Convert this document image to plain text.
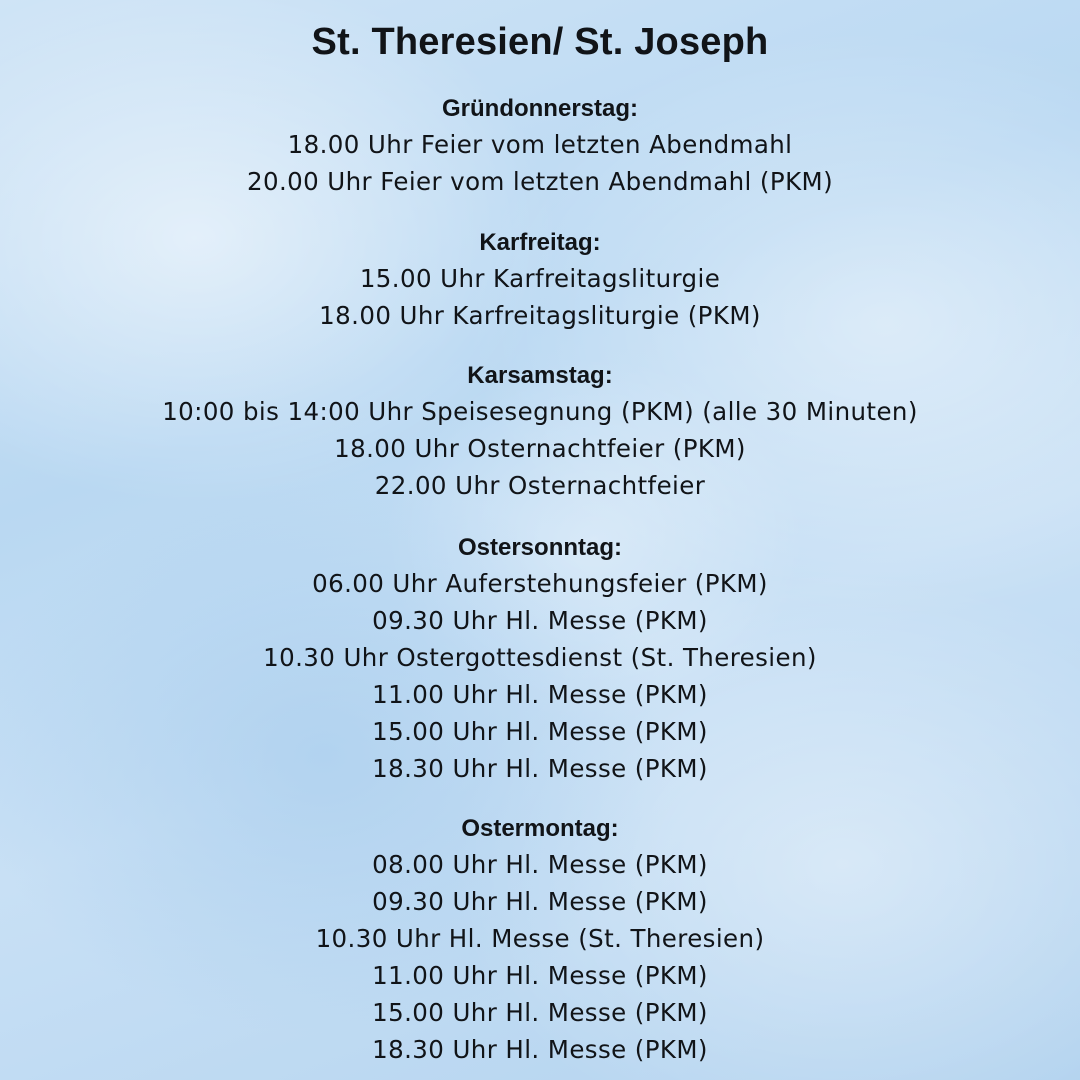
St. Theresien/ St. Joseph
Gründonnerstag:
18.00 Uhr Feier vom letzten Abendmahl
20.00 Uhr Feier vom letzten Abendmahl (PKM)
Karfreitag:
15.00 Uhr Karfreitagsliturgie
18.00 Uhr Karfreitagsliturgie (PKM)
Karsamstag:
10:00 bis 14:00 Uhr Speisesegnung (PKM) (alle 30 Minuten)
18.00 Uhr Osternachtfeier (PKM)
22.00 Uhr Osternachtfeier
Ostersonntag:
06.00 Uhr Auferstehungsfeier (PKM)
09.30 Uhr Hl. Messe (PKM)
10.30 Uhr Ostergottesdienst (St. Theresien)
11.00 Uhr Hl. Messe (PKM)
15.00 Uhr Hl. Messe (PKM)
18.30 Uhr Hl. Messe (PKM)
Ostermontag:
08.00 Uhr Hl. Messe (PKM)
09.30 Uhr Hl. Messe (PKM)
10.30 Uhr Hl. Messe (St. Theresien)
11.00 Uhr Hl. Messe (PKM)
15.00 Uhr Hl. Messe (PKM)
18.30 Uhr Hl. Messe (PKM)
